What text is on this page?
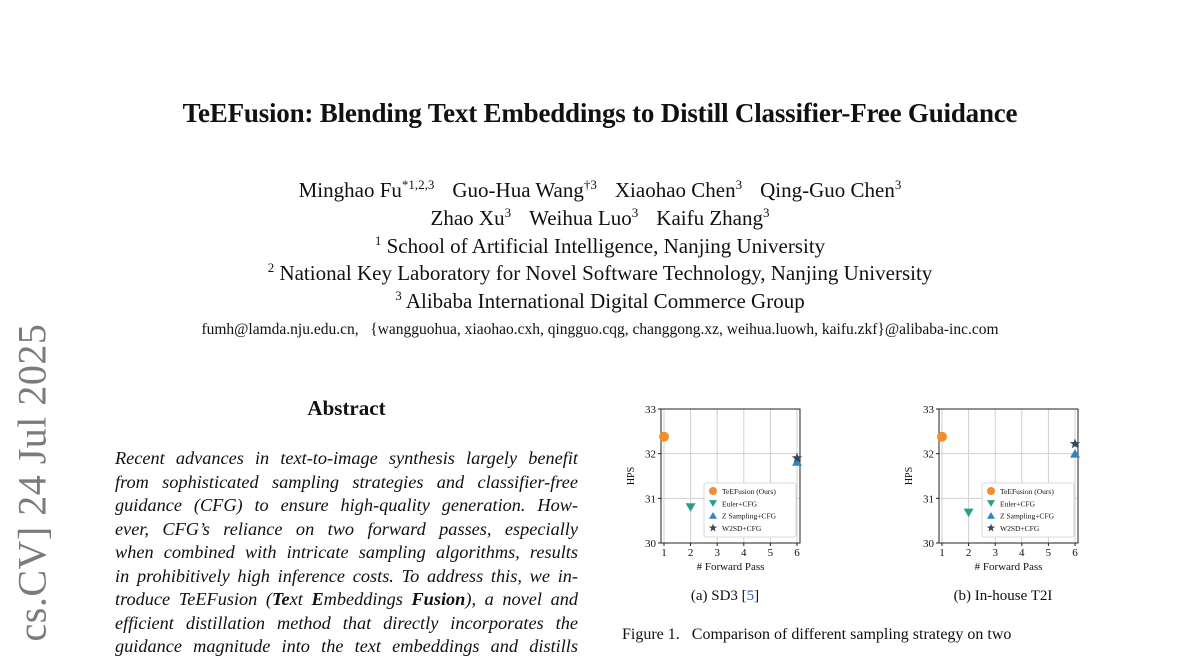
cs.CV] 24 Jul 2025
TeEFusion: Blending Text Embeddings to Distill Classifier-Free Guidance
Minghao Fu$^{*1,2,3}$ Guo-Hua Wang$^{\dagger 3}$ Xiaohao Chen$^3$ Qing-Guo Chen$^3$
Zhao Xu$^3$ Weihua Luo$^3$ Kaifu Zhang$^3$
$^1$ School of Artificial Intelligence, Nanjing University
$^2$ National Key Laboratory for Novel Software Technology, Nanjing University
$^3$ Alibaba International Digital Commerce Group
fumh@lamda.nju.edu.cn,   {wangguohua, xiaohao.cxh, qingguo.cqg, changgong.xz, weihua.luowh, kaifu.zkf}@alibaba-inc.com
Abstract
Recent advances in text-to-image synthesis largely benefit
from sophisticated sampling strategies and classifier-free
guidance (CFG) to ensure high-quality generation. How-
ever, CFG’s reliance on two forward passes, especially
when combined with intricate sampling algorithms, results
in prohibitively high inference costs. To address this, we in-
troduce TeEFusion (Text Embeddings Fusion), a novel and
efficient distillation method that directly incorporates the
guidance magnitude into the text embeddings and distills
1 2 3 4 5 6
30
31
32
33
# Forward Pass
HPS
TeEFusion (Ours)
Euler+CFG
Z Sampling+CFG
W2SD+CFG
1 2 3 4 5 6
30
31
32
33
# Forward Pass
HPS
TeEFusion (Ours)
Euler+CFG
Z Sampling+CFG
W2SD+CFG
(a) SD3 [5]	(b) In-house T2I
Figure 1.   Comparison of different sampling strategy on two
